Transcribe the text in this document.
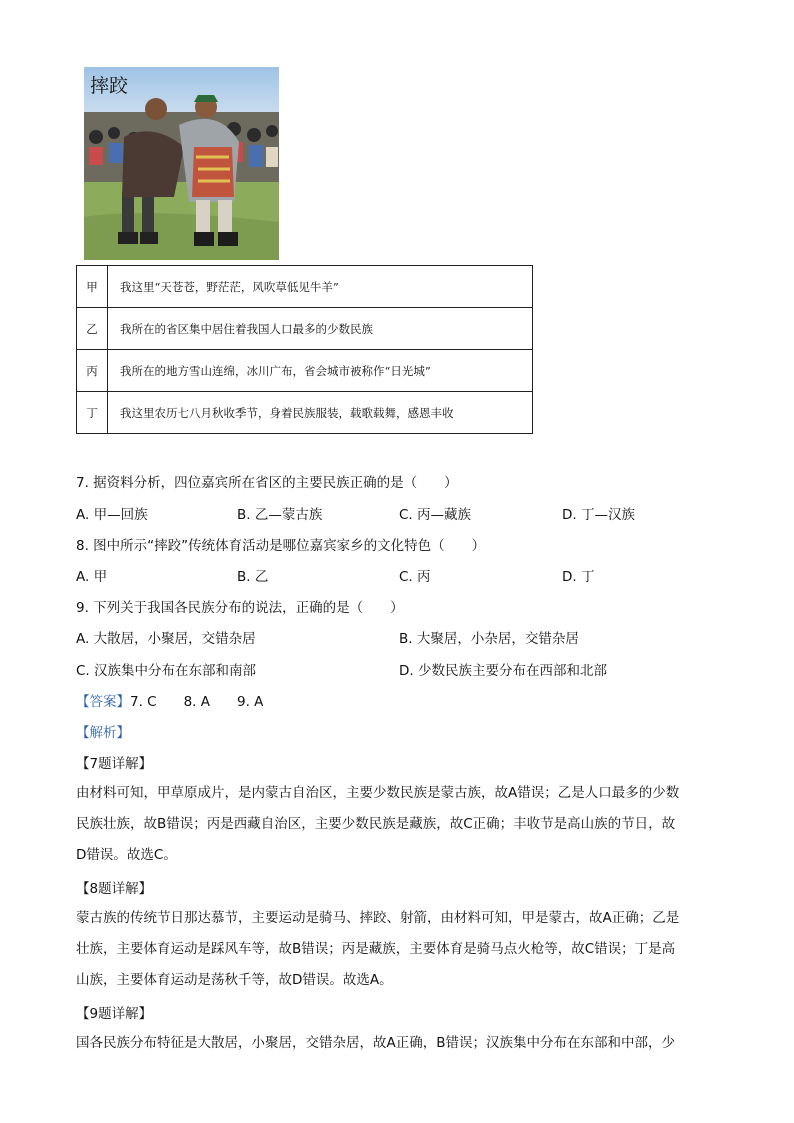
摔跤
甲	我这里“天苍苍，野茫茫，风吹草低见牛羊”
乙	我所在的省区集中居住着我国人口最多的少数民族
丙	我所在的地方雪山连绵，冰川广布，省会城市被称作“日光城”
丁	我这里农历七八月秋收季节，身着民族服装，载歌载舞，感恩丰收
7. 据资料分析，四位嘉宾所在省区的主要民族正确的是（　　）
A. 甲—回族	B. 乙—蒙古族	C. 丙—藏族	D. 丁—汉族
8. 图中所示“摔跤”传统体育活动是哪位嘉宾家乡的文化特色（　　）
A. 甲	B. 乙	C. 丙	D. 丁
9. 下列关于我国各民族分布的说法，正确的是（　　）
A. 大散居，小聚居，交错杂居	B. 大聚居，小杂居，交错杂居
C. 汉族集中分布在东部和南部	D. 少数民族主要分布在西部和北部
【答案】7. C　　8. A　　9. A
【解析】
【7题详解】
由材料可知，甲草原成片，是内蒙古自治区，主要少数民族是蒙古族，故A错误；乙是人口最多的少数
民族壮族，故B错误；丙是西藏自治区，主要少数民族是藏族，故C正确；丰收节是高山族的节日，故
D错误。故选C。
【8题详解】
蒙古族的传统节日那达慕节，主要运动是骑马、摔跤、射箭，由材料可知，甲是蒙古，故A正确；乙是
壮族，主要体育运动是踩风车等，故B错误；丙是藏族，主要体育是骑马点火枪等，故C错误；丁是高
山族，主要体育运动是荡秋千等，故D错误。故选A。
【9题详解】
国各民族分布特征是大散居，小聚居，交错杂居，故A正确，B错误；汉族集中分布在东部和中部，少
